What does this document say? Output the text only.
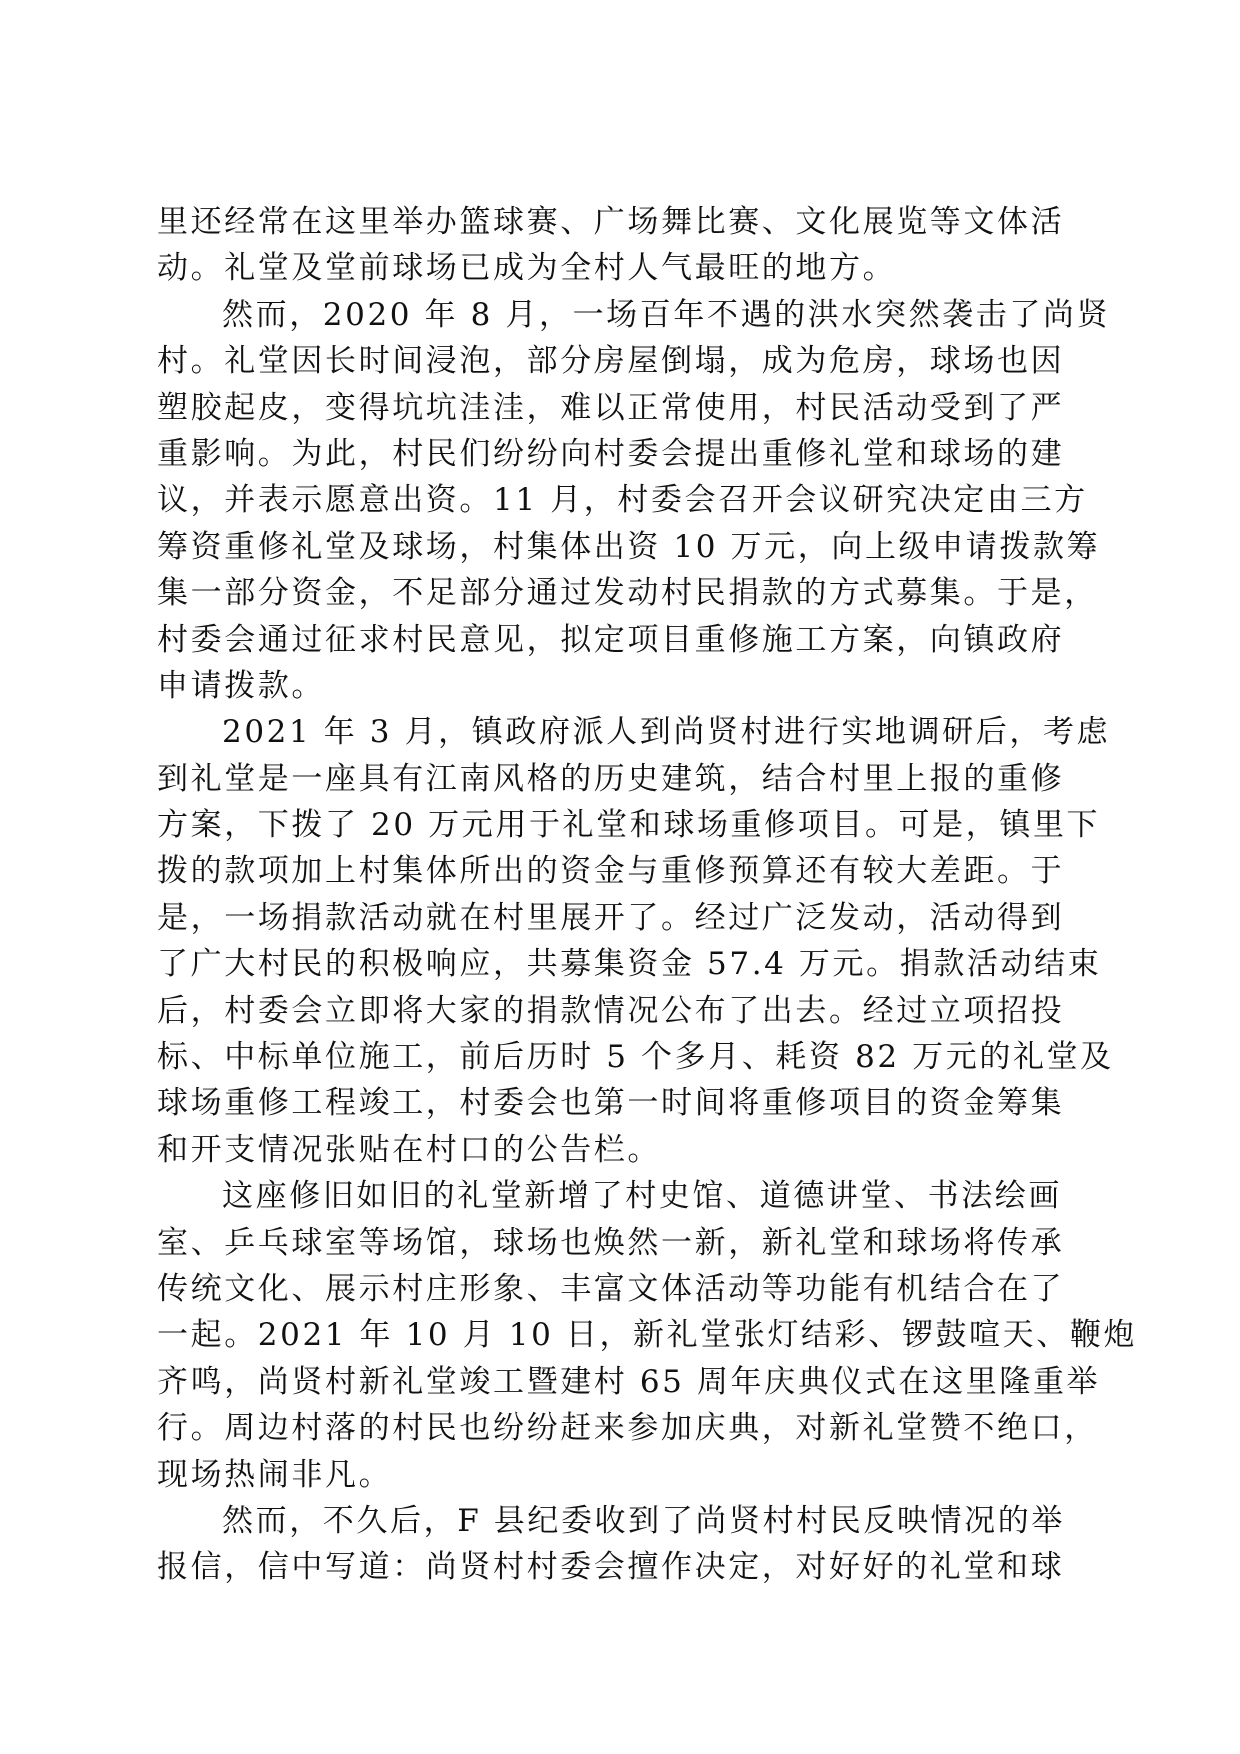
里还经常在这里举办篮球赛、广场舞比赛、文化展览等文体活
动。礼堂及堂前球场已成为全村人气最旺的地方。
然而，2020 年 8 月，一场百年不遇的洪水突然袭击了尚贤
村。礼堂因长时间浸泡，部分房屋倒塌，成为危房，球场也因
塑胶起皮，变得坑坑洼洼，难以正常使用，村民活动受到了严
重影响。为此，村民们纷纷向村委会提出重修礼堂和球场的建
议，并表示愿意出资。11 月，村委会召开会议研究决定由三方
筹资重修礼堂及球场，村集体出资 10 万元，向上级申请拨款筹
集一部分资金，不足部分通过发动村民捐款的方式募集。于是，
村委会通过征求村民意见，拟定项目重修施工方案，向镇政府
申请拨款。
2021 年 3 月，镇政府派人到尚贤村进行实地调研后，考虑
到礼堂是一座具有江南风格的历史建筑，结合村里上报的重修
方案，下拨了 20 万元用于礼堂和球场重修项目。可是，镇里下
拨的款项加上村集体所出的资金与重修预算还有较大差距。于
是，一场捐款活动就在村里展开了。经过广泛发动，活动得到
了广大村民的积极响应，共募集资金 57.4 万元。捐款活动结束
后，村委会立即将大家的捐款情况公布了出去。经过立项招投
标、中标单位施工，前后历时 5 个多月、耗资 82 万元的礼堂及
球场重修工程竣工，村委会也第一时间将重修项目的资金筹集
和开支情况张贴在村口的公告栏。
这座修旧如旧的礼堂新增了村史馆、道德讲堂、书法绘画
室、乒乓球室等场馆，球场也焕然一新，新礼堂和球场将传承
传统文化、展示村庄形象、丰富文体活动等功能有机结合在了
一起。2021 年 10 月 10 日，新礼堂张灯结彩、锣鼓喧天、鞭炮
齐鸣，尚贤村新礼堂竣工暨建村 65 周年庆典仪式在这里隆重举
行。周边村落的村民也纷纷赶来参加庆典，对新礼堂赞不绝口，
现场热闹非凡。
然而，不久后，F 县纪委收到了尚贤村村民反映情况的举
报信，信中写道：尚贤村村委会擅作决定，对好好的礼堂和球
